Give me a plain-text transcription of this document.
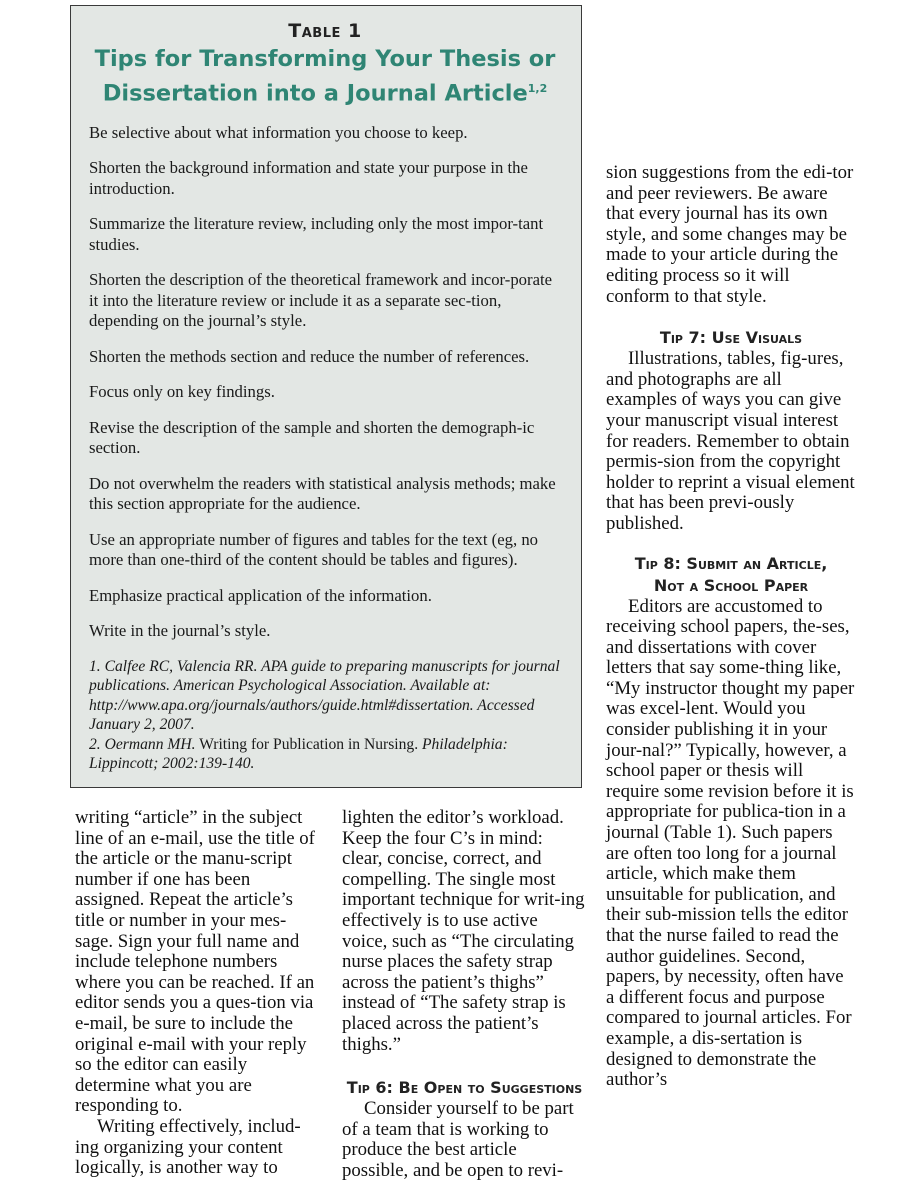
Table 1
Tips for Transforming Your Thesis or
Dissertation into a Journal Article$^{1,2}$
Be selective about what information you choose to keep.
Shorten the background information and state your purpose in the introduction.
Summarize the literature review, including only the most impor-tant studies.
Shorten the description of the theoretical framework and incor-porate it into the literature review or include it as a separate sec-tion, depending on the journal’s style.
Shorten the methods section and reduce the number of references.
Focus only on key findings.
Revise the description of the sample and shorten the demograph-ic section.
Do not overwhelm the readers with statistical analysis methods; make this section appropriate for the audience.
Use an appropriate number of figures and tables for the text (eg, no more than one-third of the content should be tables and figures).
Emphasize practical application of the information.
Write in the journal’s style.

1. Calfee RC, Valencia RR. APA guide to preparing manuscripts for journal publications. American Psychological Association. Available at: http://www.apa.org/journals/authors/guide.html#dissertation. Accessed January 2, 2007.

2. Oermann MH. Writing for Publication in Nursing. Philadelphia: Lippincott; 2002:139-140.

writing “article” in the subject line of an e-mail, use the title of the article or the manu-script number if one has been assigned. Repeat the article’s title or number in your mes-sage. Sign your full name and include telephone numbers where you can be reached. If an editor sends you a ques-tion via e-mail, be sure to include the original e-mail with your reply so the editor can easily determine what you are responding to.

Writing effectively, includ-ing organizing your content logically, is another way to

lighten the editor’s workload. Keep the four C’s in mind: clear, concise, correct, and compelling. The single most important technique for writ-ing effectively is to use active voice, such as “The circulating nurse places the safety strap across the patient’s thighs” instead of “The safety strap is placed across the patient’s thighs.”

Tip 6: Be Open to Suggestions

Consider yourself to be part of a team that is working to produce the best article possible, and be open to revi-

sion suggestions from the edi-tor and peer reviewers. Be aware that every journal has its own style, and some changes may be made to your article during the editing process so it will conform to that style.

Tip 7: Use Visuals

Illustrations, tables, fig-ures, and photographs are all examples of ways you can give your manuscript visual interest for readers. Remember to obtain permis-sion from the copyright holder to reprint a visual element that has been previ-ously published.

Tip 8: Submit an Article,
Not a School Paper

Editors are accustomed to receiving school papers, the-ses, and dissertations with cover letters that say some-thing like, “My instructor thought my paper was excel-lent. Would you consider publishing it in your jour-nal?” Typically, however, a school paper or thesis will require some revision before it is appropriate for publica-tion in a journal (Table 1). Such papers are often too long for a journal article, which make them unsuitable for publication, and their sub-mission tells the editor that the nurse failed to read the author guidelines. Second, papers, by necessity, often have a different focus and purpose compared to journal articles. For example, a dis-sertation is designed to demonstrate the author’s
